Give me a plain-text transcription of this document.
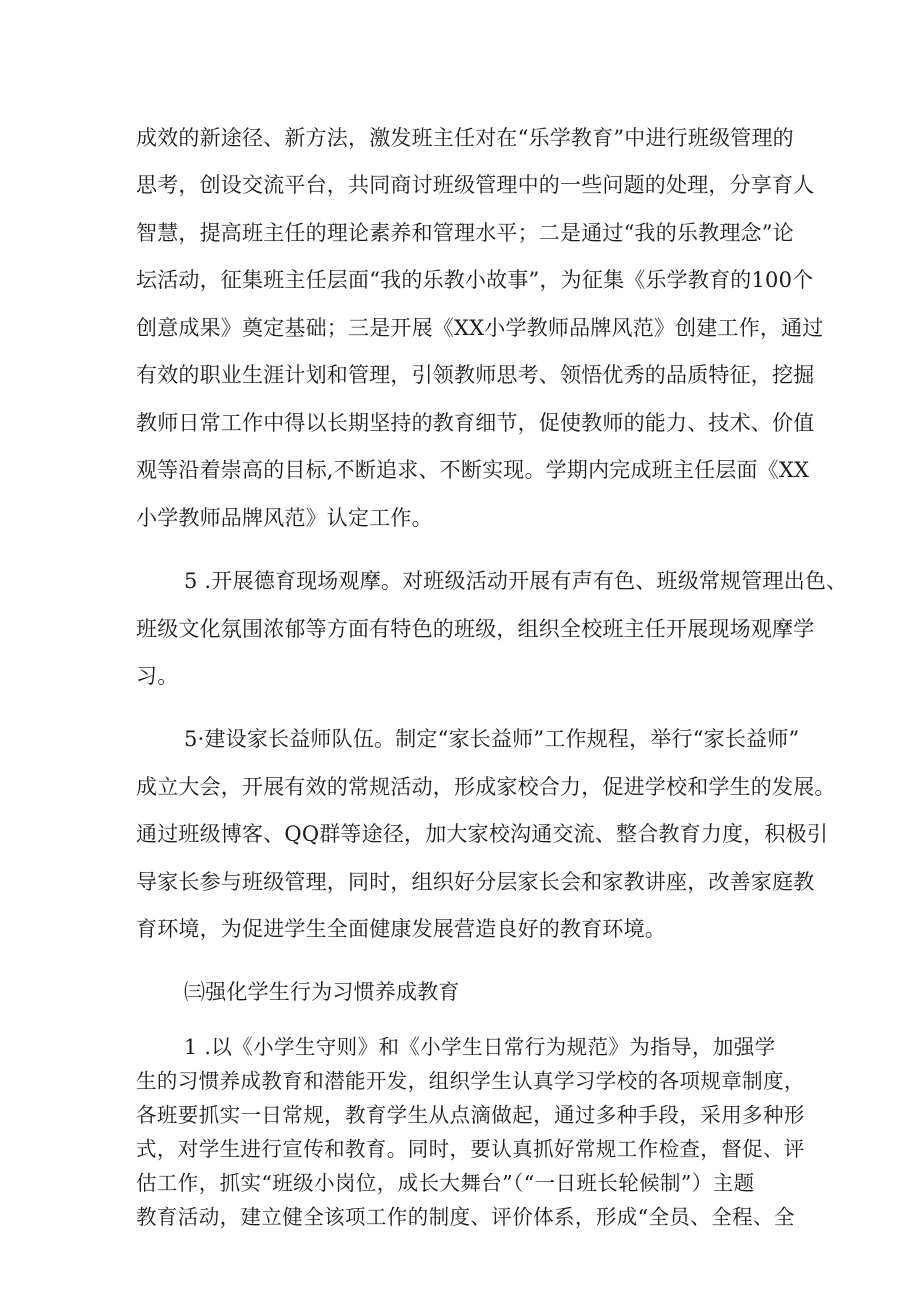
成效的新途径、新方法，激发班主任对在“乐学教育”中进行班级管理的
思考，创设交流平台，共同商讨班级管理中的一些问题的处理，分享育人
智慧，提高班主任的理论素养和管理水平；二是通过“我的乐教理念”论
坛活动，征集班主任层面“我的乐教小故事”，为征集《乐学教育的100个
创意成果》奠定基础；三是开展《XX小学教师品牌风范》创建工作，通过
有效的职业生涯计划和管理，引领教师思考、领悟优秀的品质特征，挖掘
教师日常工作中得以长期坚持的教育细节，促使教师的能力、技术、价值
观等沿着崇高的目标,不断追求、不断实现。学期内完成班主任层面《XX
小学教师品牌风范》认定工作。
5 .开展德育现场观摩。对班级活动开展有声有色、班级常规管理出色、
班级文化氛围浓郁等方面有特色的班级，组织全校班主任开展现场观摩学
习。
5·建设家长益师队伍。制定“家长益师”工作规程，举行“家长益师”
成立大会，开展有效的常规活动，形成家校合力，促进学校和学生的发展。
通过班级博客、QQ群等途径，加大家校沟通交流、整合教育力度，积极引
导家长参与班级管理，同时，组织好分层家长会和家教讲座，改善家庭教
育环境，为促进学生全面健康发展营造良好的教育环境。
㈢强化学生行为习惯养成教育
1 .以《小学生守则》和《小学生日常行为规范》为指导，加强学
生的习惯养成教育和潜能开发，组织学生认真学习学校的各项规章制度，
各班要抓实一日常规，教育学生从点滴做起，通过多种手段，采用多种形
式，对学生进行宣传和教育。同时，要认真抓好常规工作检查，督促、评
估工作，抓实“班级小岗位，成长大舞台”（“一日班长轮候制”）主题
教育活动，建立健全该项工作的制度、评价体系，形成“全员、全程、全
